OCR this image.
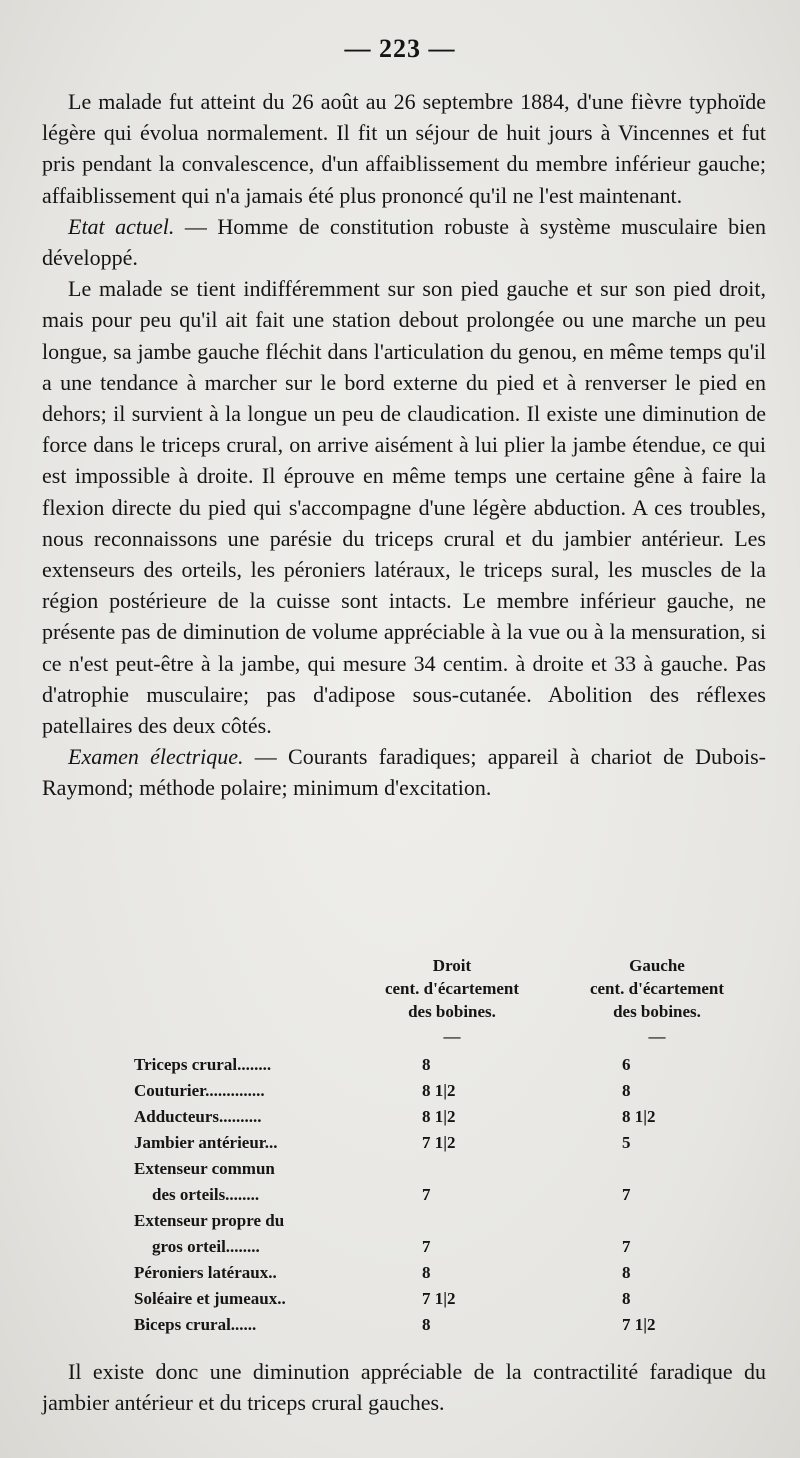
— 223 —

Le malade fut atteint du 26 août au 26 septembre 1884, d'une fièvre typhoïde légère qui évolua normalement. Il fit un séjour de huit jours à Vincennes et fut pris pendant la convalescence, d'un affaiblissement du membre inférieur gauche; affaiblissement qui n'a jamais été plus prononcé qu'il ne l'est maintenant.

Etat actuel. — Homme de constitution robuste à système musculaire bien développé.

Le malade se tient indifféremment sur son pied gauche et sur son pied droit, mais pour peu qu'il ait fait une station debout prolongée ou une marche un peu longue, sa jambe gauche fléchit dans l'articulation du genou, en même temps qu'il a une tendance à marcher sur le bord externe du pied et à renverser le pied en dehors; il survient à la longue un peu de claudication. Il existe une diminution de force dans le triceps crural, on arrive aisément à lui plier la jambe étendue, ce qui est impossible à droite. Il éprouve en même temps une certaine gêne à faire la flexion directe du pied qui s'accompagne d'une légère abduction. A ces troubles, nous reconnaissons une parésie du triceps crural et du jambier antérieur. Les extenseurs des orteils, les péroniers latéraux, le triceps sural, les muscles de la région postérieure de la cuisse sont intacts. Le membre inférieur gauche, ne présente pas de diminution de volume appréciable à la vue ou à la mensuration, si ce n'est peut-être à la jambe, qui mesure 34 centim. à droite et 33 à gauche. Pas d'atrophie musculaire; pas d'adipose sous-cutanée. Abolition des réflexes patellaires des deux côtés.

Examen électrique. — Courants faradiques; appareil à chariot de Dubois-Raymond; méthode polaire; minimum d'excitation.

Droit
cent. d'écartement
des bobines.
—
Gauche
cent. d'écartement
des bobines.
—
Triceps crural........	8	6
Couturier..............	8 1|2	8
Adducteurs..........	8 1|2	8 1|2
Jambier antérieur...	7 1|2	5
Extenseur commun
des orteils........	7	7
Extenseur propre du
gros orteil........	7	7
Péroniers latéraux..	8	8
Soléaire et jumeaux..	7 1|2	8
Biceps crural......	8	7 1|2
Il existe donc une diminution appréciable de la contractilité faradique du jambier antérieur et du triceps crural gauches.
